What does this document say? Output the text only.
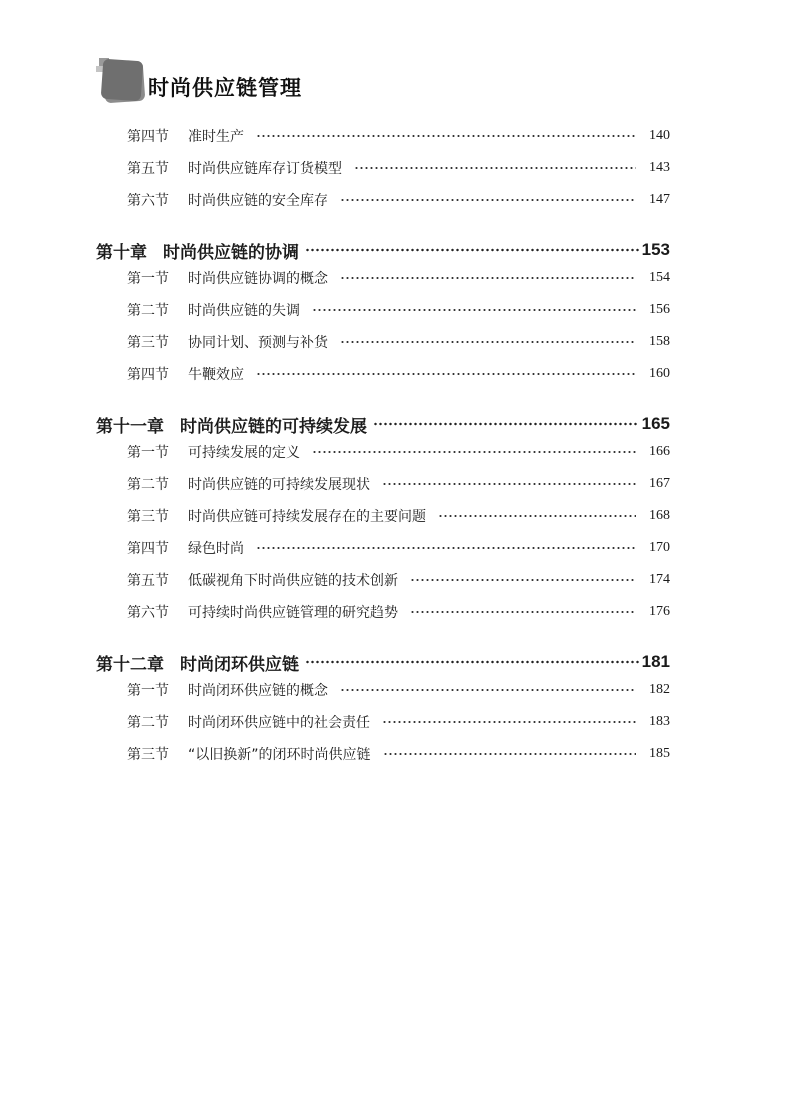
时尚供应链管理
第四节	准时生产	140
第五节	时尚供应链库存订货模型	143
第六节	时尚供应链的安全库存	147
第十章 时尚供应链的协调	153
第一节	时尚供应链协调的概念	154
第二节	时尚供应链的失调	156
第三节	协同计划、预测与补货	158
第四节	牛鞭效应	160
第十一章 时尚供应链的可持续发展	165
第一节	可持续发展的定义	166
第二节	时尚供应链的可持续发展现状	167
第三节	时尚供应链可持续发展存在的主要问题	168
第四节	绿色时尚	170
第五节	低碳视角下时尚供应链的技术创新	174
第六节	可持续时尚供应链管理的研究趋势	176
第十二章 时尚闭环供应链	181
第一节	时尚闭环供应链的概念	182
第二节	时尚闭环供应链中的社会责任	183
第三节	“以旧换新”的闭环时尚供应链	185
